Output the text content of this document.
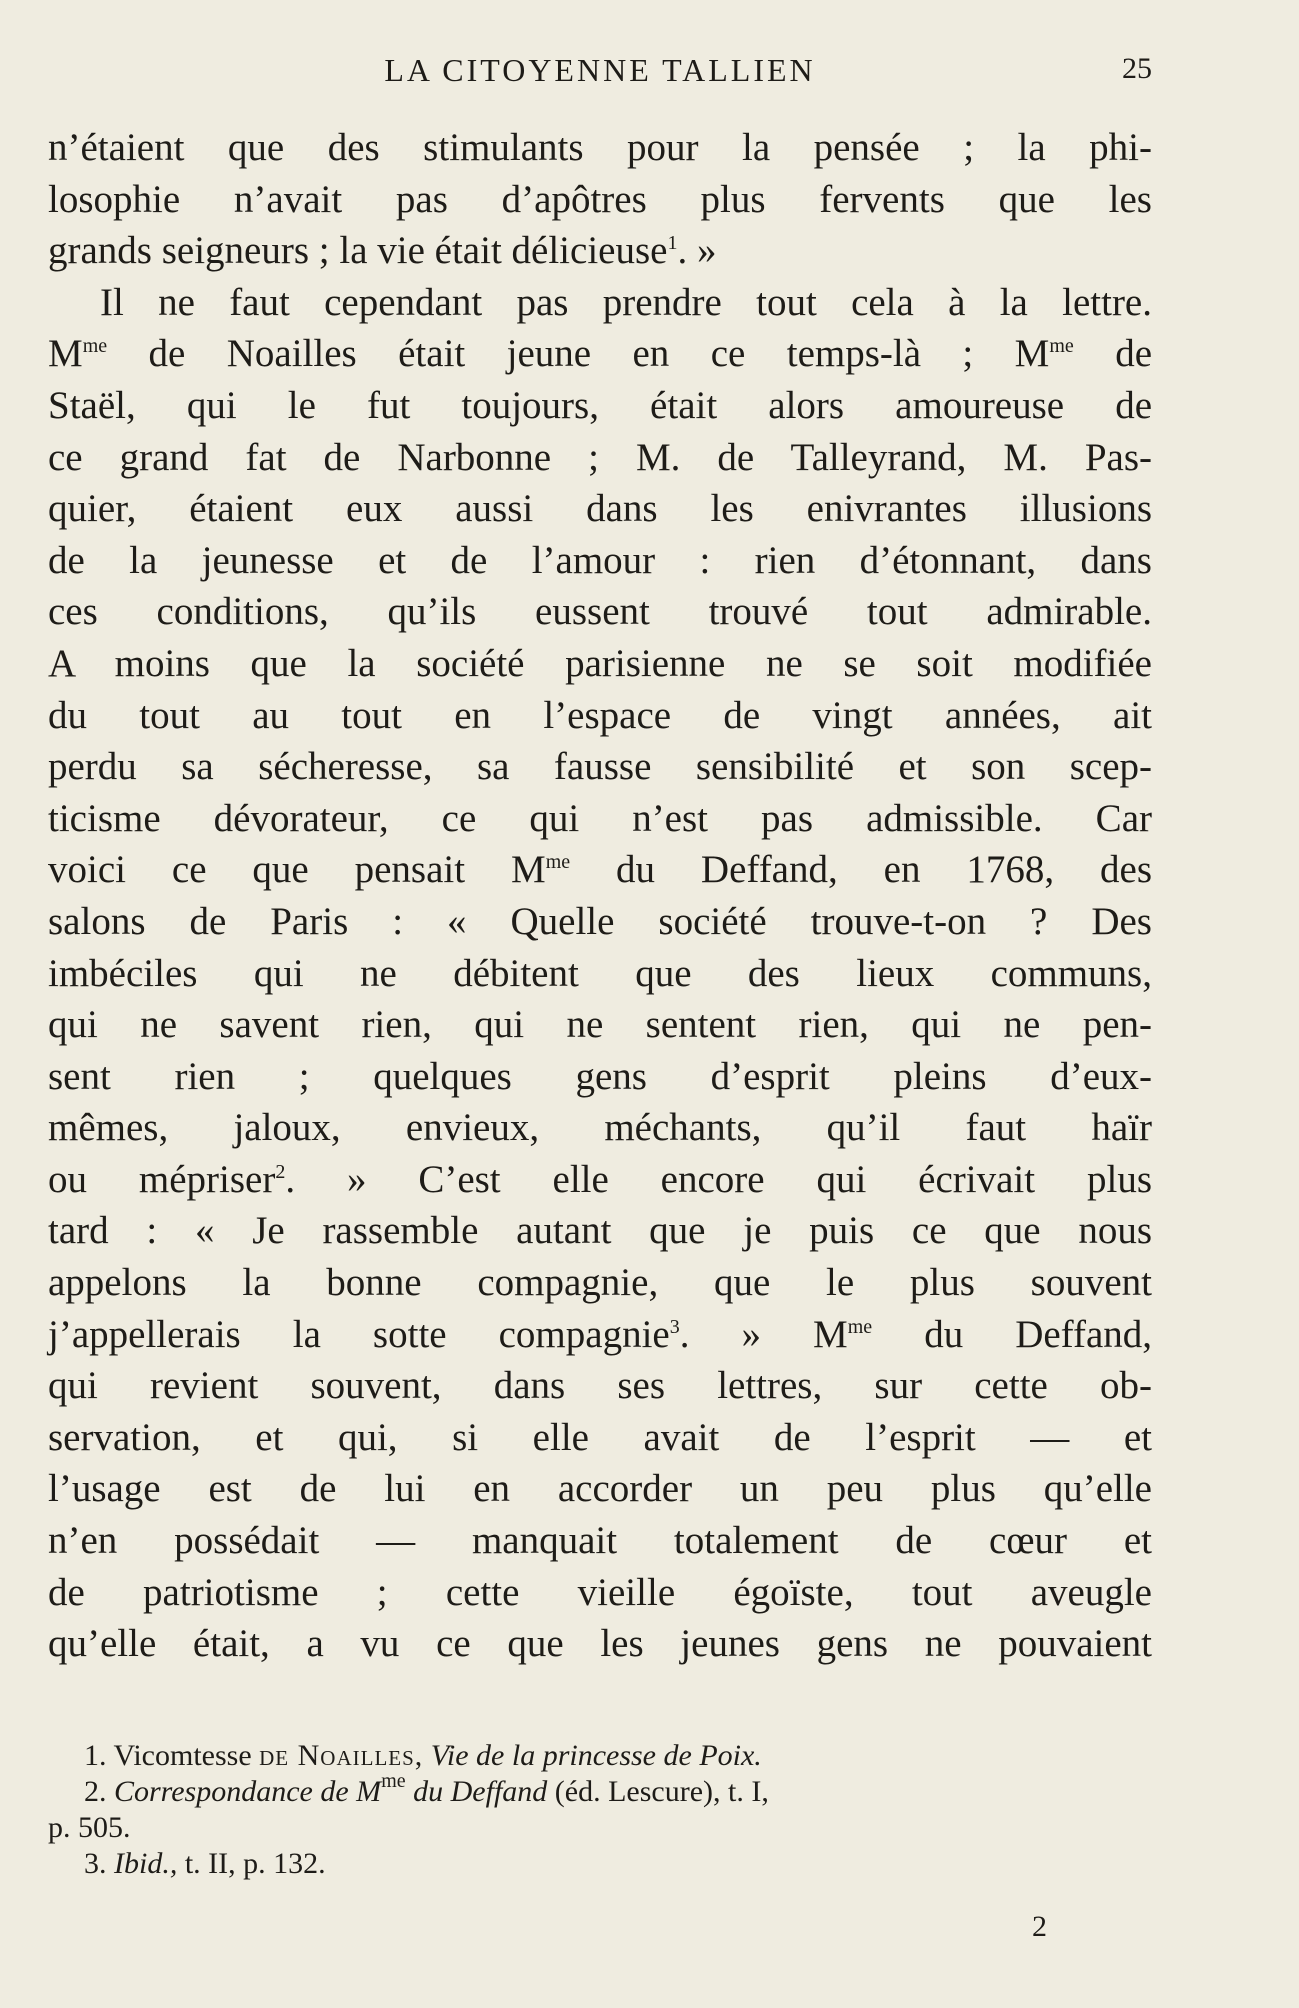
LA CITOYENNE TALLIEN	25
n’étaient que des stimulants pour la pensée ; la phi-
losophie n’avait pas d’apôtres plus fervents que les
grands seigneurs ; la vie était délicieuse$^1$. »
Il ne faut cependant pas prendre tout cela à la lettre.
$M^{me}$ de Noailles était jeune en ce temps-là ; $M^{me}$ de
Staël, qui le fut toujours, était alors amoureuse de
ce grand fat de Narbonne ; M. de Talleyrand, M. Pas-
quier, étaient eux aussi dans les enivrantes illusions
de la jeunesse et de l’amour : rien d’étonnant, dans
ces conditions, qu’ils eussent trouvé tout admirable.
A moins que la société parisienne ne se soit modifiée
du tout au tout en l’espace de vingt années, ait
perdu sa sécheresse, sa fausse sensibilité et son scep-
ticisme dévorateur, ce qui n’est pas admissible. Car
voici ce que pensait $M^{me}$ du Deffand, en 1768, des
salons de Paris : « Quelle société trouve-t-on ? Des
imbéciles qui ne débitent que des lieux communs,
qui ne savent rien, qui ne sentent rien, qui ne pen-
sent rien ; quelques gens d’esprit pleins d’eux-
mêmes, jaloux, envieux, méchants, qu’il faut haïr
ou mépriser$^2$. » C’est elle encore qui écrivait plus
tard : « Je rassemble autant que je puis ce que nous
appelons la bonne compagnie, que le plus souvent
j’appellerais la sotte compagnie$^3$. » $M^{me}$ du Deffand,
qui revient souvent, dans ses lettres, sur cette ob-
servation, et qui, si elle avait de l’esprit — et
l’usage est de lui en accorder un peu plus qu’elle
n’en possédait — manquait totalement de cœur et
de patriotisme ; cette vieille égoïste, tout aveugle
qu’elle était, a vu ce que les jeunes gens ne pouvaient
1. Vicomtesse de Noailles, Vie de la princesse de Poix.
2. Correspondance de $M^{me}$ du Deffand (éd. Lescure), t. I,
p. 505.
3. Ibid., t. II, p. 132.
2
